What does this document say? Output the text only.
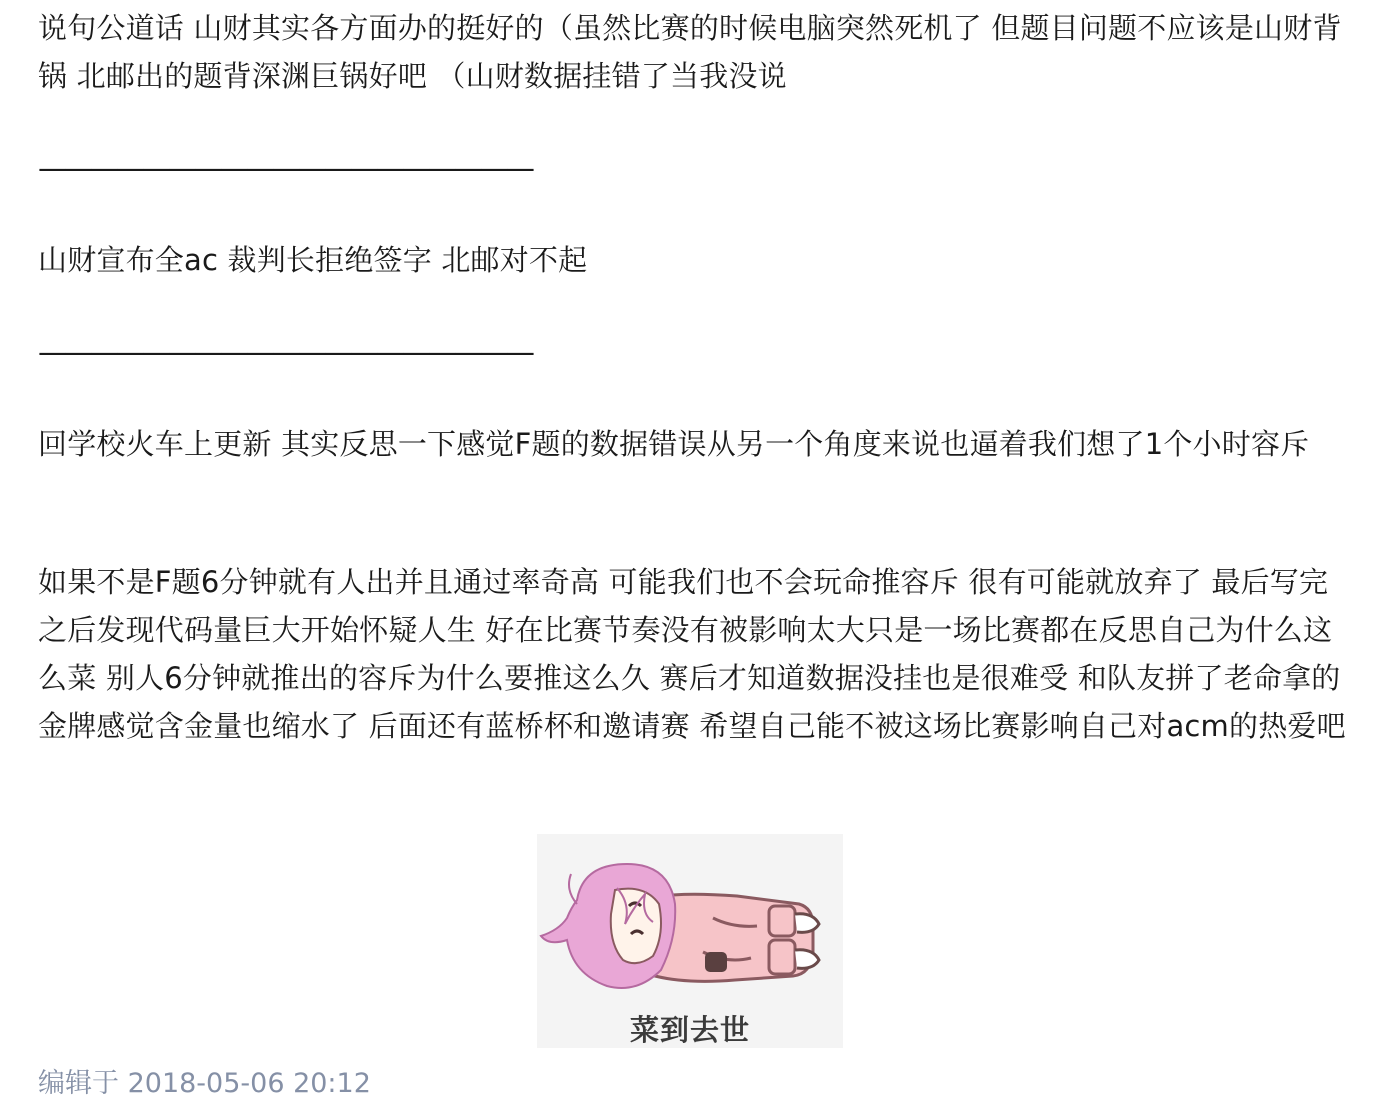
说句公道话 山财其实各方面办的挺好的（虽然比赛的时候电脑突然死机了 但题目问题不应该是山财背锅 北邮出的题背深渊巨锅好吧 （山财数据挂错了当我没说

———————————————————

山财宣布全ac 裁判长拒绝签字 北邮对不起

———————————————————

回学校火车上更新 其实反思一下感觉F题的数据错误从另一个角度来说也逼着我们想了1个小时容斥

如果不是F题6分钟就有人出并且通过率奇高 可能我们也不会玩命推容斥 很有可能就放弃了 最后写完之后发现代码量巨大开始怀疑人生 好在比赛节奏没有被影响太大只是一场比赛都在反思自己为什么这么菜 别人6分钟就推出的容斥为什么要推这么久 赛后才知道数据没挂也是很难受 和队友拼了老命拿的金牌感觉含金量也缩水了 后面还有蓝桥杯和邀请赛 希望自己能不被这场比赛影响自己对acm的热爱吧

菜到去世
编辑于 2018-05-06 20:12
